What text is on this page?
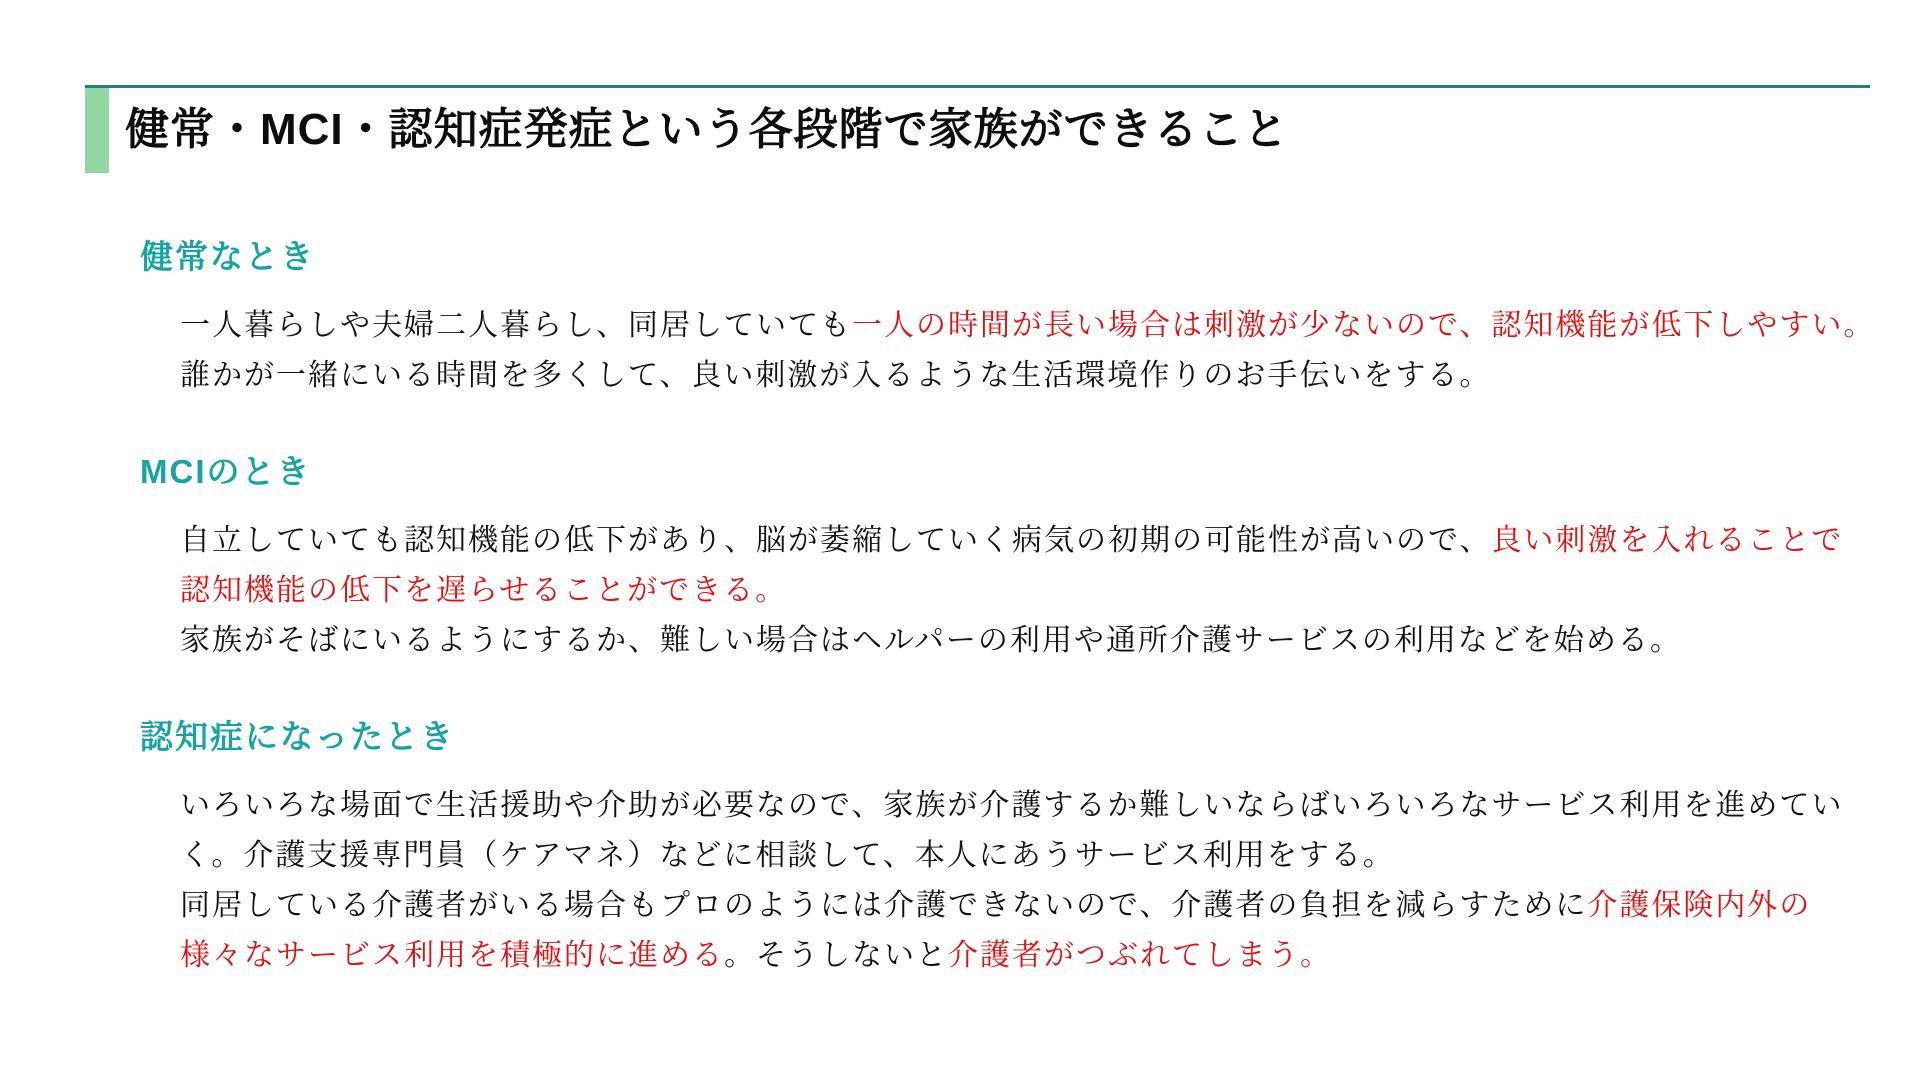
健常・MCI・認知症発症という各段階で家族ができること
健常なとき
一人暮らしや夫婦二人暮らし、同居していても一人の時間が長い場合は刺激が少ないので、認知機能が低下しやすい。
誰かが一緒にいる時間を多くして、良い刺激が入るような生活環境作りのお手伝いをする。
MCIのとき
自立していても認知機能の低下があり、脳が萎縮していく病気の初期の可能性が高いので、良い刺激を入れることで
認知機能の低下を遅らせることができる。
家族がそばにいるようにするか、難しい場合はヘルパーの利用や通所介護サービスの利用などを始める。
認知症になったとき
いろいろな場面で生活援助や介助が必要なので、家族が介護するか難しいならばいろいろなサービス利用を進めてい
く。介護支援専門員（ケアマネ）などに相談して、本人にあうサービス利用をする。
同居している介護者がいる場合もプロのようには介護できないので、介護者の負担を減らすために介護保険内外の
様々なサービス利用を積極的に進める。そうしないと介護者がつぶれてしまう。
